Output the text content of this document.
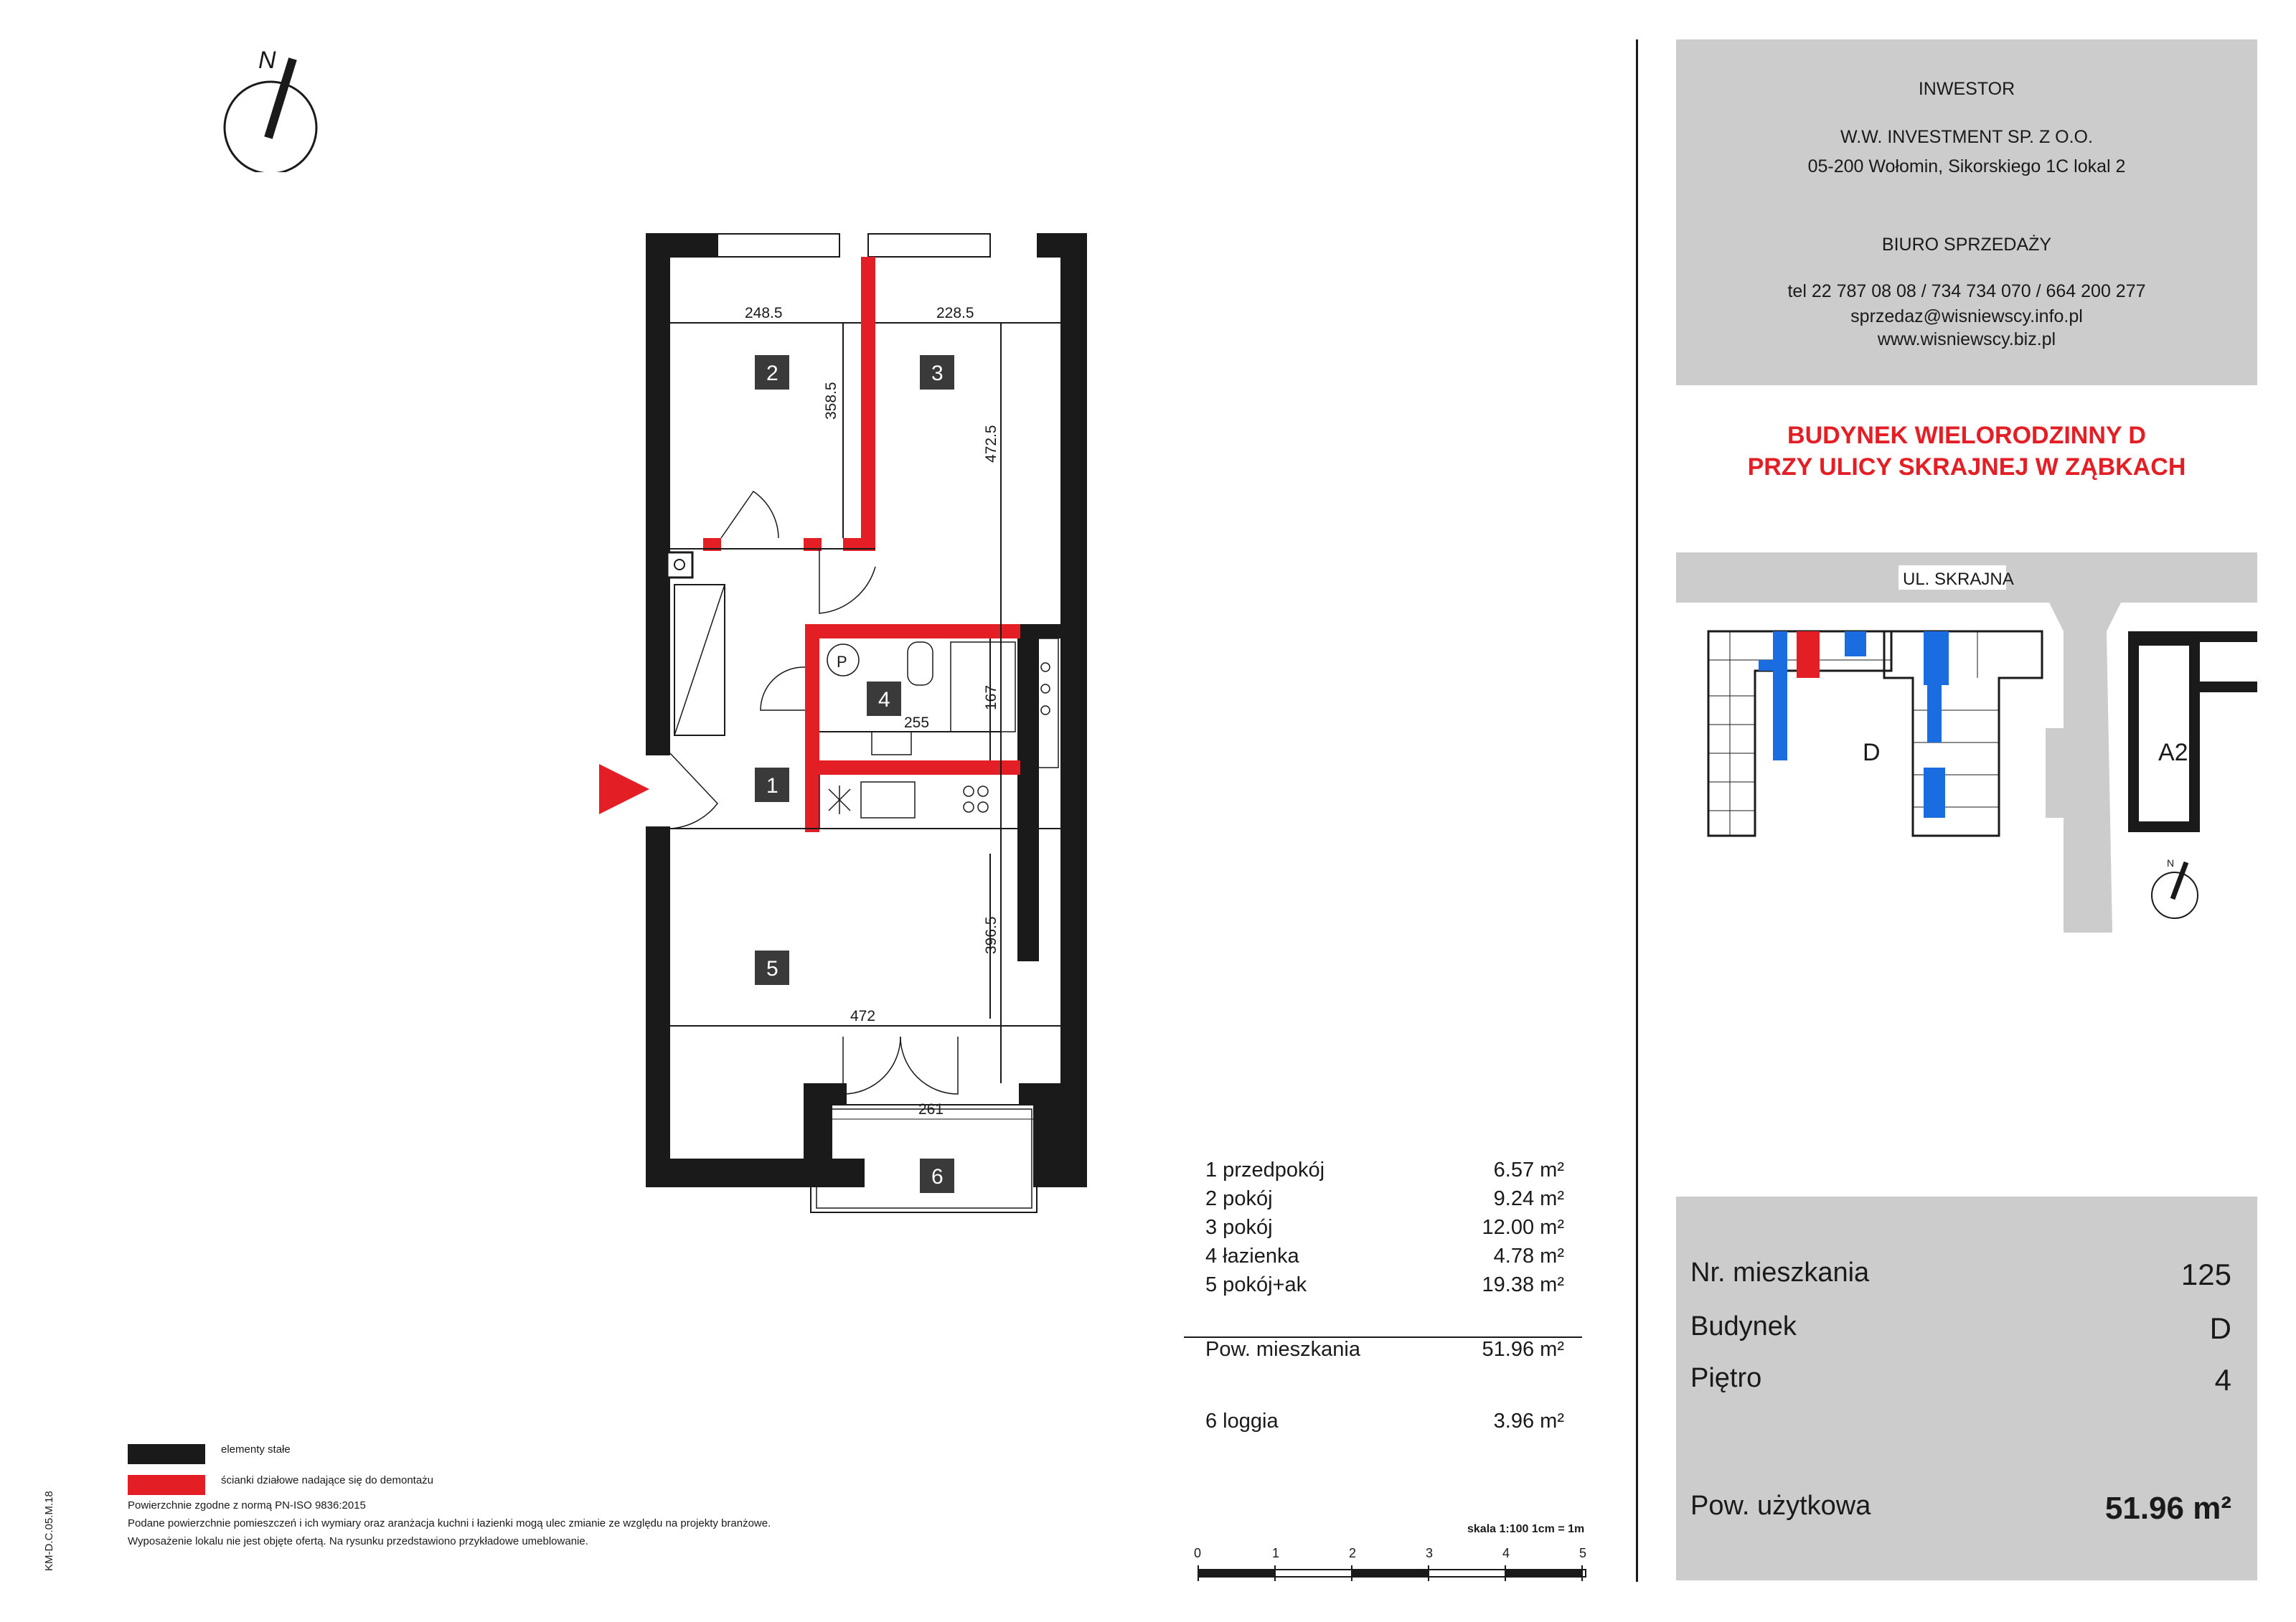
N
P
248.5	228.5
358.5
472.5
255
167
396.5
472
261
2	3
4
1
5
6
elementy stałe
ścianki działowe nadające się do demontażu
Powierzchnie zgodne z normą PN-ISO 9836:2015
Podane powierzchnie pomieszczeń i ich wymiary oraz aranżacja kuchni i łazienki mogą ulec zmianie ze względu na projekty branżowe.
Wyposażenie lokalu nie jest objęte ofertą. Na rysunku przedstawiono przykładowe umeblowanie.
KM-D.C.05.M.18
1 przedpokój	6.57 m²
2 pokój	9.24 m²
3 pokój	12.00 m²
4 łazienka	4.78 m²
5 pokój+ak	19.38 m²
Pow. mieszkania	51.96 m²
6 loggia	3.96 m²
skala 1:100 1cm = 1m
0	1	2	3	4	5
INWESTOR
W.W. INVESTMENT SP. Z O.O.
05-200 Wołomin, Sikorskiego 1C lokal 2
BIURO SPRZEDAŻY
tel 22 787 08 08 / 734 734 070 / 664 200 277
sprzedaz@wisniewscy.info.pl
www.wisniewscy.biz.pl
BUDYNEK WIELORODZINNY D
PRZY ULICY SKRAJNEJ W ZĄBKACH
UL. SKRAJNA
D	A2
N
Nr. mieszkania	125
Budynek	D
Piętro	4
Pow. użytkowa	51.96 m²
